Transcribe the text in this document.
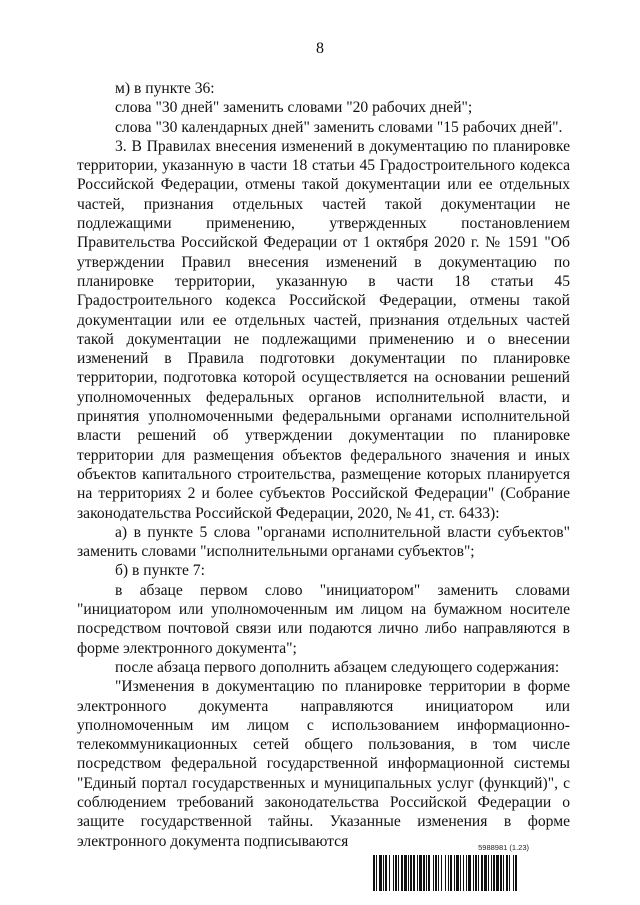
8

м) в пункте 36:

слова "30 дней" заменить словами "20 рабочих дней";

слова "30 календарных дней" заменить словами "15 рабочих дней".

3. В Правилах внесения изменений в документацию по планировке территории, указанную в части 18 статьи 45 Градостроительного кодекса Российской Федерации, отмены такой документации или ее отдельных частей, признания отдельных частей такой документации не подлежащими применению, утвержденных постановлением Правительства Российской Федерации от 1 октября 2020 г. № 1591 "Об утверждении Правил внесения изменений в документацию по планировке территории, указанную в части 18 статьи 45 Градостроительного кодекса Российской Федерации, отмены такой документации или ее отдельных частей, признания отдельных частей такой документации не подлежащими применению и о внесении изменений в Правила подготовки документации по планировке территории, подготовка которой осуществляется на основании решений уполномоченных федеральных органов исполнительной власти, и принятия уполномоченными федеральными органами исполнительной власти решений об утверждении документации по планировке территории для размещения объектов федерального значения и иных объектов капитального строительства, размещение которых планируется на территориях 2 и более субъектов Российской Федерации" (Собрание законодательства Российской Федерации, 2020, № 41, ст. 6433):

а) в пункте 5 слова "органами исполнительной власти субъектов" заменить словами "исполнительными органами субъектов";

б) в пункте 7:

в абзаце первом слово "инициатором" заменить словами "инициатором или уполномоченным им лицом на бумажном носителе посредством почтовой связи или подаются лично либо направляются в форме электронного документа";

после абзаца первого дополнить абзацем следующего содержания:

"Изменения в документацию по планировке территории в форме электронного документа направляются инициатором или уполномоченным им лицом с использованием информационно-телекоммуникационных сетей общего пользования, в том числе посредством федеральной государственной информационной системы "Единый портал государственных и муниципальных услуг (функций)", с соблюдением требований законодательства Российской Федерации о защите государственной тайны. Указанные изменения в форме электронного документа подписываются	5988981 (1.23)
